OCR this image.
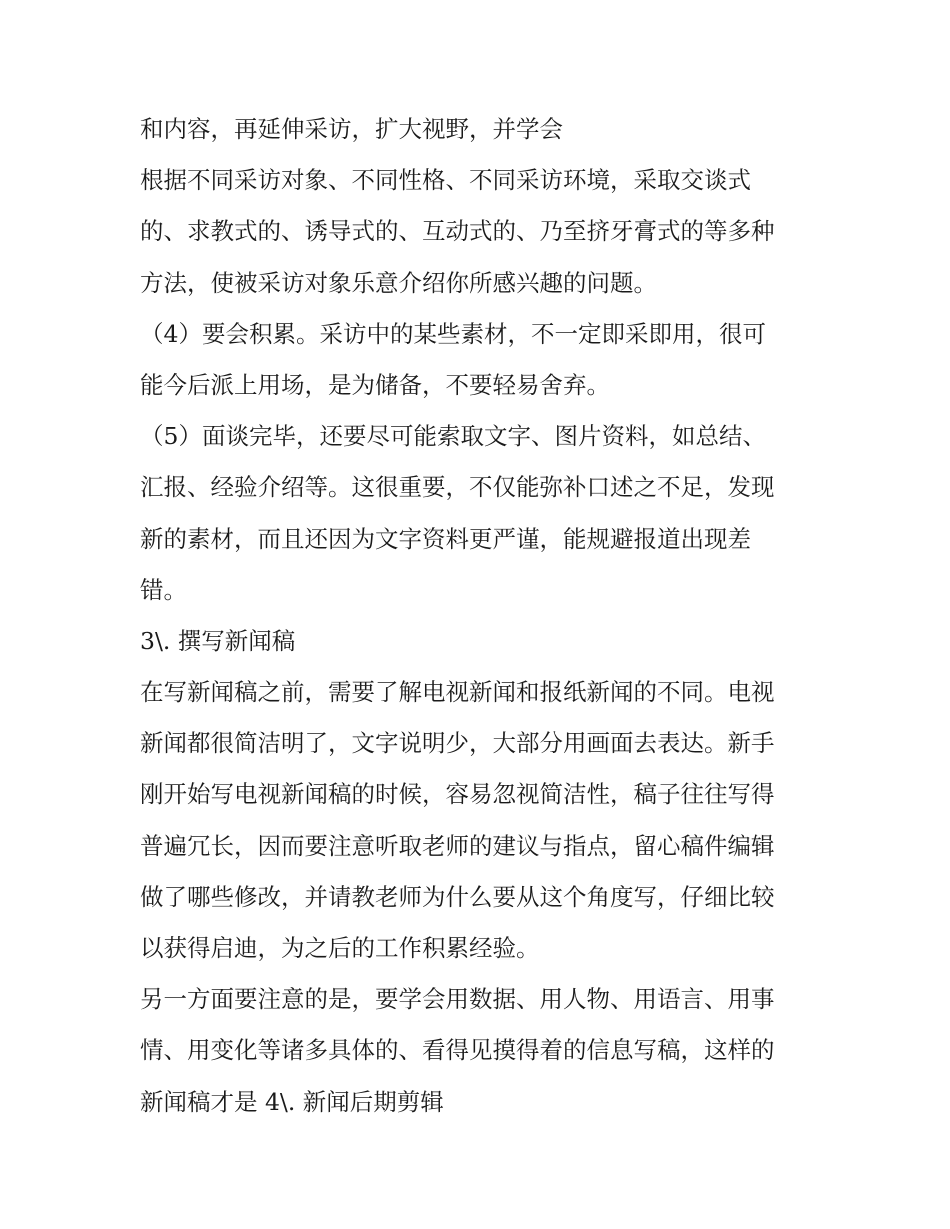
和内容，再延伸采访，扩大视野，并学会
根据不同采访对象、不同性格、不同采访环境，采取交谈式
的、求教式的、诱导式的、互动式的、乃至挤牙膏式的等多种
方法，使被采访对象乐意介绍你所感兴趣的问题。
（4）要会积累。采访中的某些素材，不一定即采即用，很可
能今后派上用场，是为储备，不要轻易舍弃。
（5）面谈完毕，还要尽可能索取文字、图片资料，如总结、
汇报、经验介绍等。这很重要，不仅能弥补口述之不足，发现
新的素材，而且还因为文字资料更严谨，能规避报道出现差
错。
3\. 撰写新闻稿
在写新闻稿之前，需要了解电视新闻和报纸新闻的不同。电视
新闻都很简洁明了，文字说明少，大部分用画面去表达。新手
刚开始写电视新闻稿的时候，容易忽视简洁性，稿子往往写得
普遍冗长，因而要注意听取老师的建议与指点，留心稿件编辑
做了哪些修改，并请教老师为什么要从这个角度写，仔细比较
以获得启迪，为之后的工作积累经验。
另一方面要注意的是，要学会用数据、用人物、用语言、用事
情、用变化等诸多具体的、看得见摸得着的信息写稿，这样的
新闻稿才是 4\. 新闻后期剪辑
